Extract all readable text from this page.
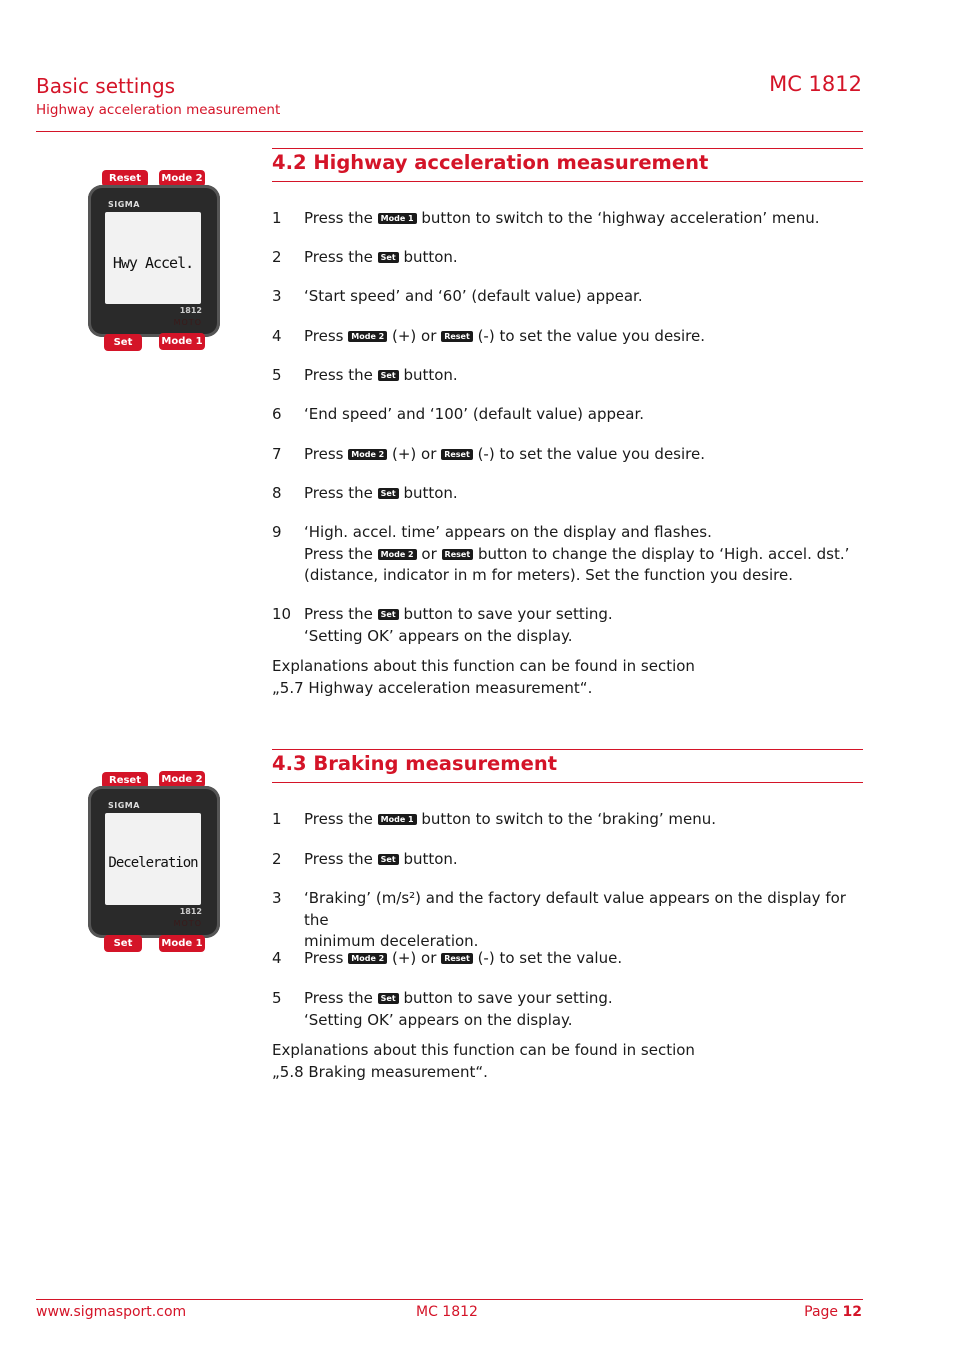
Basic settings
Highway acceleration measurement
MC 1812
Reset	Mode 2
SIGMA
Hwy Accel.
1812
MOTO
Set	Mode 1
4.2 Highway acceleration measurement
1 Press the Mode 1 button to switch to the ‘highway acceleration’ menu.
2 Press the Set button.
3 ‘Start speed’ and ‘60’ (default value) appear.
4 Press Mode 2 (+) or Reset (-) to set the value you desire.
5 Press the Set button.
6 ‘End speed’ and ‘100’ (default value) appear.
7 Press Mode 2 (+) or Reset (-) to set the value you desire.
8 Press the Set button.
9 ‘High. accel. time’ appears on the display and flashes.
Press the Mode 2 or Reset button to change the display to ‘High. accel. dst.’
(distance, indicator in m for meters). Set the function you desire.
10 Press the Set button to save your setting.
‘Setting OK’ appears on the display.
Explanations about this function can be found in section
„5.7 Highway acceleration measurement“.
Reset	Mode 2
SIGMA
Deceleration
1812
MOTO
Set	Mode 1
4.3 Braking measurement
1 Press the Mode 1 button to switch to the ‘braking’ menu.
2 Press the Set button.
3 ‘Braking’ (m/s²) and the factory default value appears on the display for the
minimum deceleration.
4 Press Mode 2 (+) or Reset (-) to set the value.
5 Press the Set button to save your setting.
‘Setting OK’ appears on the display.
Explanations about this function can be found in section
„5.8 Braking measurement“.
www.sigmasport.com	MC 1812	Page 12
